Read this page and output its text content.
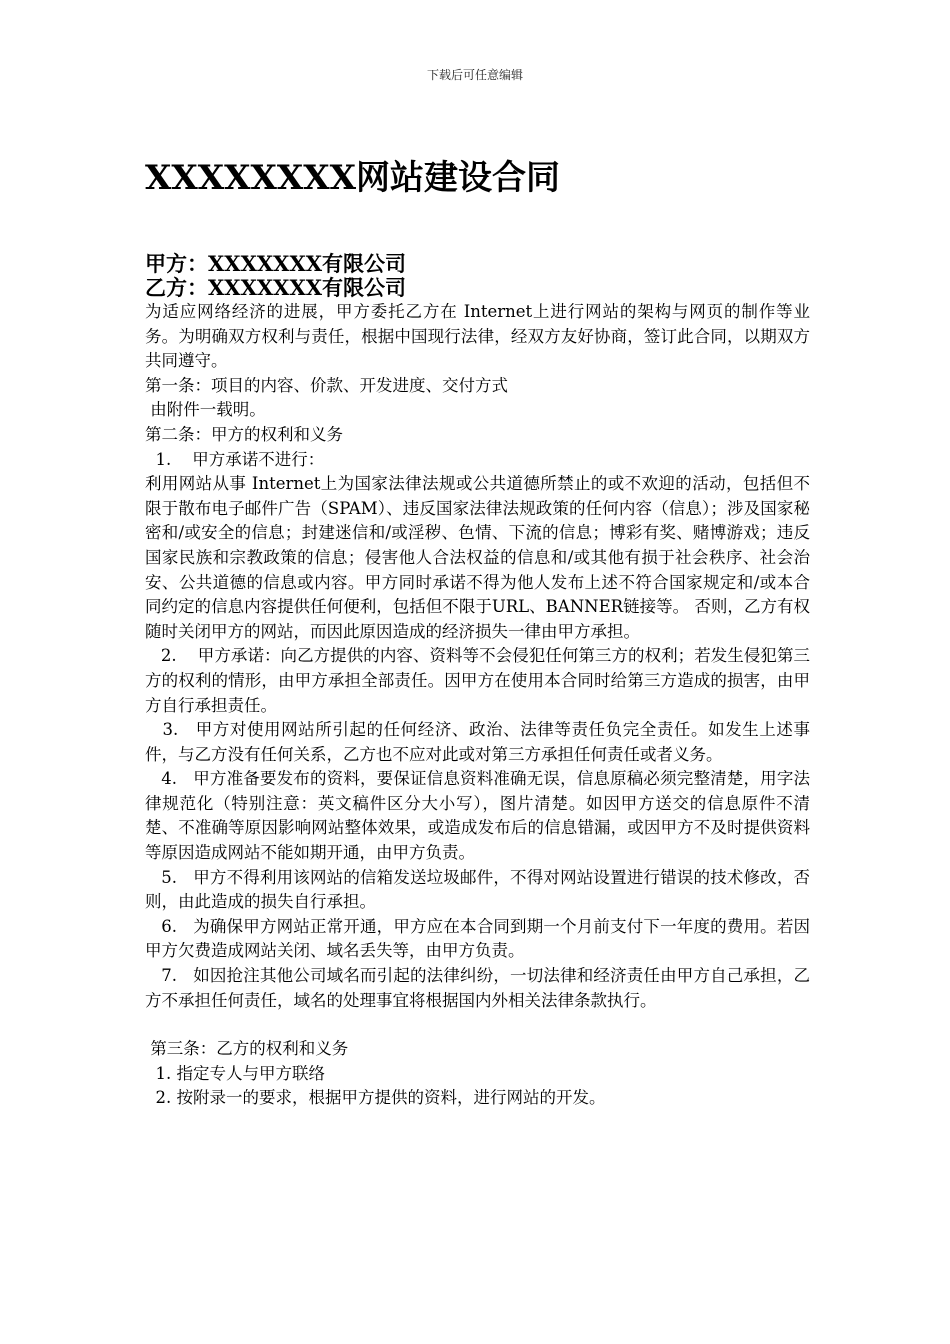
下载后可任意编辑
XXXXXXXX网站建设合同
甲方：XXXXXXX有限公司
乙方：XXXXXXX有限公司

为适应网络经济的进展，甲方委托乙方在 Internet上进行网站的架构与网页的制作等业务。为明确双方权利与责任，根据中国现行法律，经双方友好协商，签订此合同，以期双方共同遵守。

第一条：项目的内容、价款、开发进度、交付方式

由附件一载明。

第二条：甲方的权利和义务

1.    甲方承诺不进行：

利用网站从事 Internet上为国家法律法规或公共道德所禁止的或不欢迎的活动，包括但不限于散布电子邮件广告（SPAM）、违反国家法律法规政策的任何内容（信息）；涉及国家秘密和/或安全的信息；封建迷信和/或淫秽、色情、下流的信息；博彩有奖、赌博游戏；违反国家民族和宗教政策的信息；侵害他人合法权益的信息和/或其他有损于社会秩序、社会治安、公共道德的信息或内容。甲方同时承诺不得为他人发布上述不符合国家规定和/或本合同约定的信息内容提供任何便利，包括但不限于URL、BANNER链接等。 否则，乙方有权随时关闭甲方的网站，而因此原因造成的经济损失一律由甲方承担。

2.    甲方承诺：向乙方提供的内容、资料等不会侵犯任何第三方的权利；若发生侵犯第三方的权利的情形，由甲方承担全部责任。因甲方在使用本合同时给第三方造成的损害，由甲方自行承担责任。

3.   甲方对使用网站所引起的任何经济、政治、法律等责任负完全责任。如发生上述事件，与乙方没有任何关系，乙方也不应对此或对第三方承担任何责任或者义务。

4.   甲方准备要发布的资料，要保证信息资料准确无误，信息原稿必须完整清楚，用字法律规范化（特别注意：英文稿件区分大小写），图片清楚。如因甲方送交的信息原件不清楚、不准确等原因影响网站整体效果，或造成发布后的信息错漏，或因甲方不及时提供资料等原因造成网站不能如期开通，由甲方负责。

5.   甲方不得利用该网站的信箱发送垃圾邮件，不得对网站设置进行错误的技术修改，否则，由此造成的损失自行承担。

6.   为确保甲方网站正常开通，甲方应在本合同到期一个月前支付下一年度的费用。若因甲方欠费造成网站关闭、域名丢失等，由甲方负责。

7.   如因抢注其他公司域名而引起的法律纠纷，一切法律和经济责任由甲方自己承担，乙方不承担任何责任，域名的处理事宜将根据国内外相关法律条款执行。

第三条：乙方的权利和义务

1. 指定专人与甲方联络

2. 按附录一的要求，根据甲方提供的资料，进行网站的开发。
